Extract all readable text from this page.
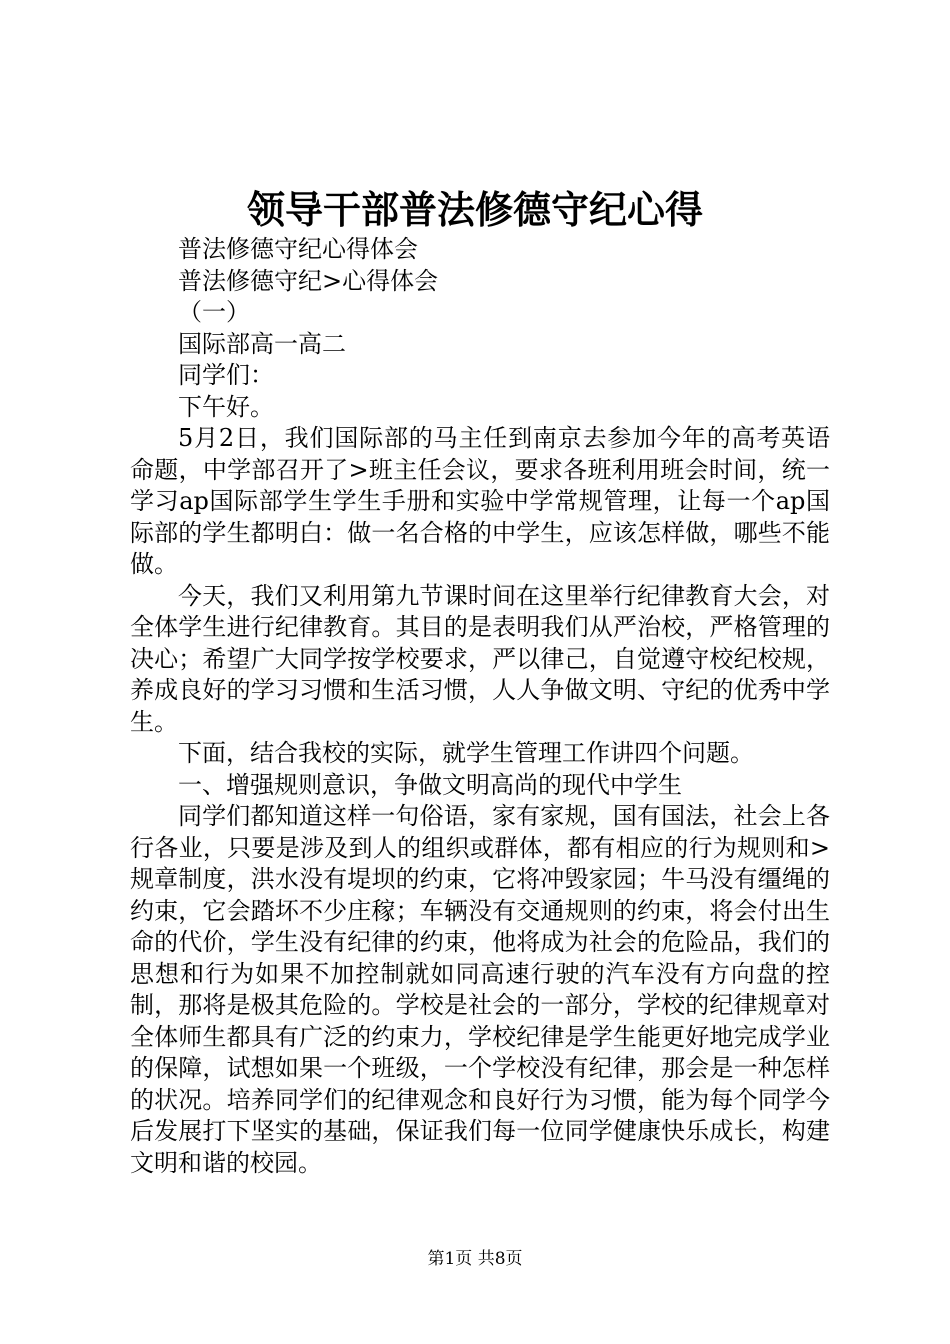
领导干部普法修德守纪心得

普法修德守纪心得体会

普法修德守纪>心得体会

（一）

国际部高一高二

同学们：

下午好。

5月2日，我们国际部的马主任到南京去参加今年的高考英语命题，中学部召开了>班主任会议，要求各班利用班会时间，统一学习ap国际部学生学生手册和实验中学常规管理，让每一个ap国际部的学生都明白：做一名合格的中学生，应该怎样做，哪些不能做。

今天，我们又利用第九节课时间在这里举行纪律教育大会，对全体学生进行纪律教育。其目的是表明我们从严治校，严格管理的决心；希望广大同学按学校要求，严以律己，自觉遵守校纪校规，养成良好的学习习惯和生活习惯，人人争做文明、守纪的优秀中学生。

下面，结合我校的实际，就学生管理工作讲四个问题。

一、增强规则意识，争做文明高尚的现代中学生

同学们都知道这样一句俗语，家有家规，国有国法，社会上各行各业，只要是涉及到人的组织或群体，都有相应的行为规则和>规章制度，洪水没有堤坝的约束，它将冲毁家园；牛马没有缰绳的约束，它会踏坏不少庄稼；车辆没有交通规则的约束，将会付出生命的代价，学生没有纪律的约束，他将成为社会的危险品，我们的思想和行为如果不加控制就如同高速行驶的汽车没有方向盘的控制，那将是极其危险的。学校是社会的一部分，学校的纪律规章对全体师生都具有广泛的约束力，学校纪律是学生能更好地完成学业的保障，试想如果一个班级，一个学校没有纪律，那会是一种怎样的状况。培养同学们的纪律观念和良好行为习惯，能为每个同学今后发展打下坚实的基础，保证我们每一位同学健康快乐成长，构建文明和谐的校园。

第1页 共8页
